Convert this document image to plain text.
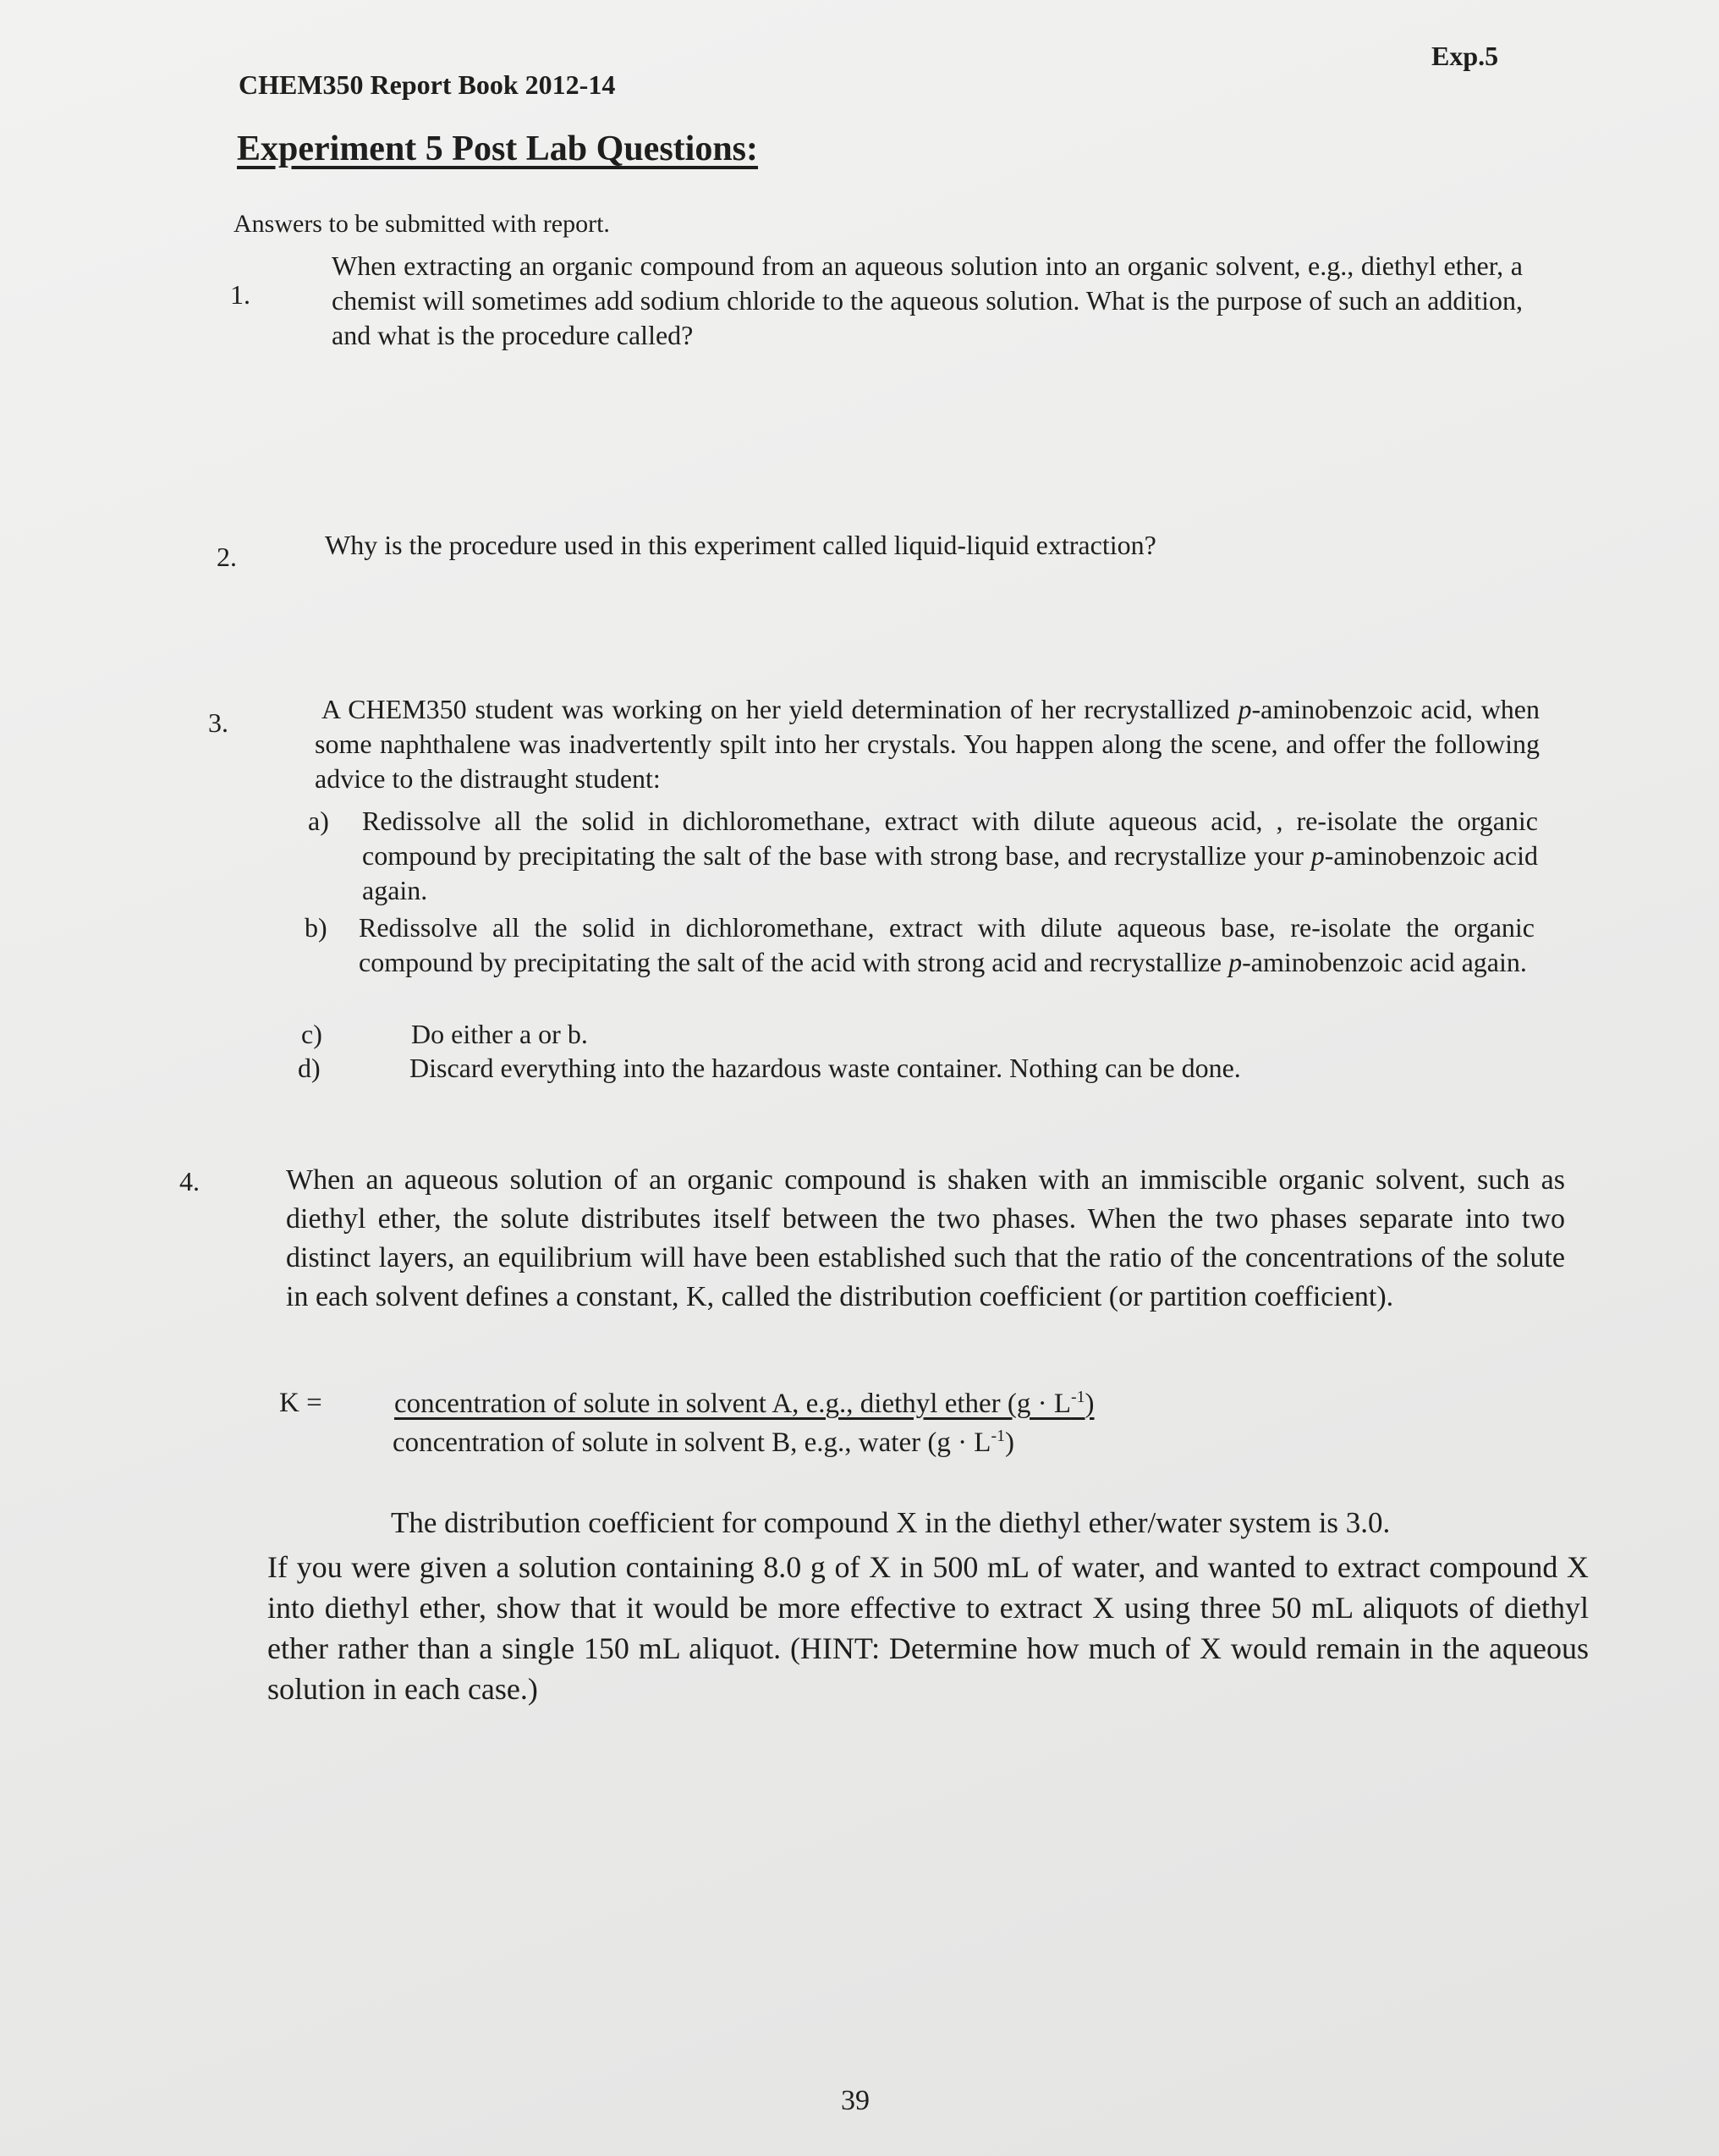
Exp.5
CHEM350 Report Book 2012-14
Experiment 5 Post Lab Questions:
Answers to be submitted with report.
1.
When extracting an organic compound from an aqueous solution into an organic solvent, e.g., diethyl ether, a chemist will sometimes add sodium chloride to the aqueous solution. What is the purpose of such an addition, and what is the procedure called?
2.	Why is the procedure used in this experiment called liquid-liquid extraction?
3.	A CHEM350 student was working on her yield determination of her recrystallized p-aminobenzoic acid, when some naphthalene was inadvertently spilt into her crystals. You happen along the scene, and offer the following advice to the distraught student:
a) Redissolve all the solid in dichloromethane, extract with dilute aqueous acid, , re-isolate the organic compound by precipitating the salt of the base with strong base, and recrystallize your p-aminobenzoic acid again.
b) Redissolve all the solid in dichloromethane, extract with dilute aqueous base, re-isolate the organic compound by precipitating the salt of the acid with strong acid and recrystallize p-aminobenzoic acid again.
c)	Do either a or b.
d)	Discard everything into the hazardous waste container. Nothing can be done.
4.	When an aqueous solution of an organic compound is shaken with an immiscible organic solvent, such as diethyl ether, the solute distributes itself between the two phases. When the two phases separate into two distinct layers, an equilibrium will have been established such that the ratio of the concentrations of the solute in each solvent defines a constant, K, called the distribution coefficient (or partition coefficient).
K =	concentration of solute in solvent A, e.g., diethyl ether $(g \cdot L^{-1})$
concentration of solute in solvent B, e.g., water $(g \cdot L^{-1})$
The distribution coefficient for compound X in the diethyl ether/water system is 3.0.
If you were given a solution containing 8.0 g of X in 500 mL of water, and wanted to extract compound X into diethyl ether, show that it would be more effective to extract X using three 50 mL aliquots of diethyl ether rather than a single 150 mL aliquot. (HINT: Determine how much of X would remain in the aqueous solution in each case.)
39
